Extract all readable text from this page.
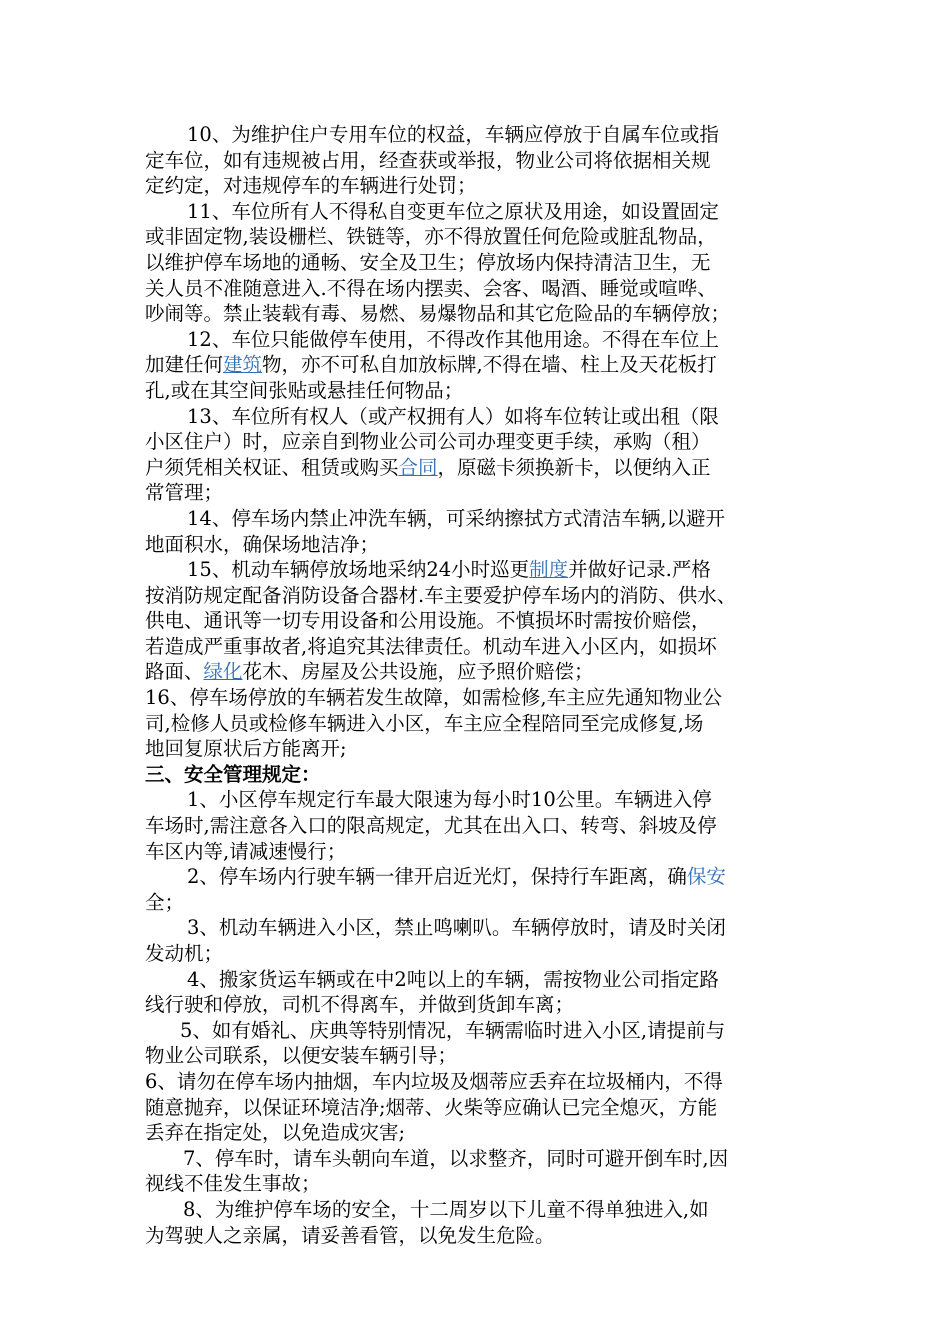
10、为维护住户专用车位的权益，车辆应停放于自属车位或指
定车位，如有违规被占用，经查获或举报，物业公司将依据相关规
定约定，对违规停车的车辆进行处罚；
11、车位所有人不得私自变更车位之原状及用途，如设置固定
或非固定物,装设栅栏、铁链等，亦不得放置任何危险或脏乱物品，
以维护停车场地的通畅、安全及卫生；停放场内保持清洁卫生，无
关人员不准随意进入.不得在场内摆卖、会客、喝酒、睡觉或喧哗、
吵闹等。禁止装载有毒、易燃、易爆物品和其它危险品的车辆停放；
12、车位只能做停车使用，不得改作其他用途。不得在车位上
加建任何建筑物，亦不可私自加放标牌,不得在墙、柱上及天花板打
孔,或在其空间张贴或悬挂任何物品；
13、车位所有权人（或产权拥有人）如将车位转让或出租（限
小区住户）时，应亲自到物业公司公司办理变更手续，承购（租）
户须凭相关权证、租赁或购买合同，原磁卡须换新卡，以便纳入正
常管理；
14、停车场内禁止冲洗车辆，可采纳擦拭方式清洁车辆,以避开
地面积水，确保场地洁净；
15、机动车辆停放场地采纳24小时巡更制度并做好记录.严格
按消防规定配备消防设备合器材.车主要爱护停车场内的消防、供水、
供电、通讯等一切专用设备和公用设施。不慎损坏时需按价赔偿，
若造成严重事故者,将追究其法律责任。机动车进入小区内，如损坏
路面、绿化花木、房屋及公共设施，应予照价赔偿；
16、停车场停放的车辆若发生故障，如需检修,车主应先通知物业公
司,检修人员或检修车辆进入小区，车主应全程陪同至完成修复,场
地回复原状后方能离开;
三、安全管理规定：
1、小区停车规定行车最大限速为每小时10公里。车辆进入停
车场时,需注意各入口的限高规定，尤其在出入口、转弯、斜坡及停
车区内等,请减速慢行；
2、停车场内行驶车辆一律开启近光灯，保持行车距离，确保安
全；
3、机动车辆进入小区，禁止鸣喇叭。车辆停放时，请及时关闭
发动机；
4、搬家货运车辆或在中2吨以上的车辆，需按物业公司指定路
线行驶和停放，司机不得离车，并做到货卸车离；
5、如有婚礼、庆典等特别情况，车辆需临时进入小区,请提前与
物业公司联系，以便安装车辆引导；
6、请勿在停车场内抽烟，车内垃圾及烟蒂应丢弃在垃圾桶内，不得
随意抛弃，以保证环境洁净;烟蒂、火柴等应确认已完全熄灭，方能
丢弃在指定处，以免造成灾害;
7、停车时，请车头朝向车道，以求整齐，同时可避开倒车时,因
视线不佳发生事故；
8、为维护停车场的安全，十二周岁以下儿童不得单独进入,如
为驾驶人之亲属，请妥善看管，以免发生危险。
